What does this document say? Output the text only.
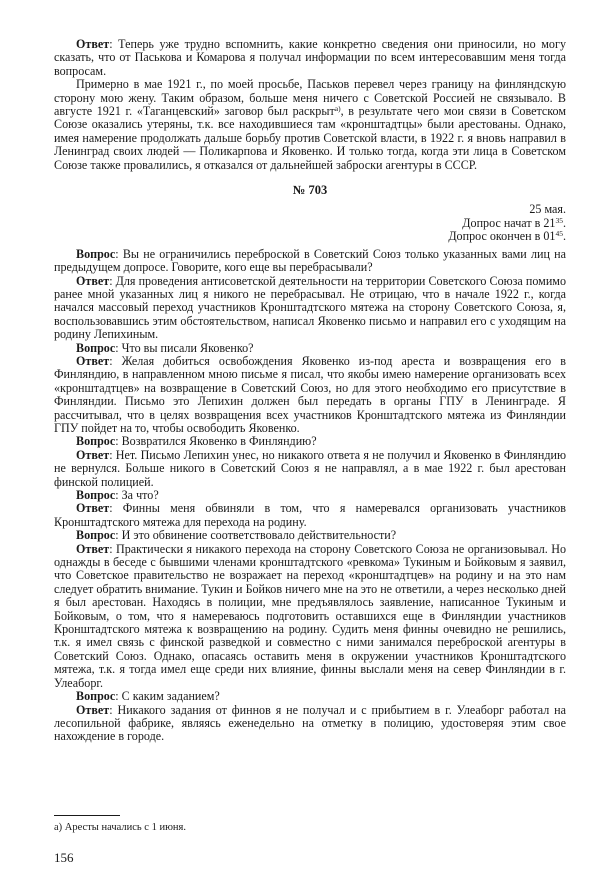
Ответ: Теперь уже трудно вспомнить, какие конкретно сведения они приносили, но могу сказать, что от Паськова и Комарова я получал информации по всем интересовавшим меня тогда вопросам.

Примерно в мае 1921 г., по моей просьбе, Паськов перевел через границу на финляндскую сторону мою жену. Таким образом, больше меня ничего с Советской Россией не связывало. В августе 1921 г. «Таганцевский» заговор был раскрыт$^{a)}$, в результате чего мои связи в Советском Союзе оказались утеряны, т.к. все находившиеся там «кронштадтцы» были арестованы. Однако, имея намерение продолжать дальше борьбу против Советской власти, в 1922 г. я вновь направил в Ленинград своих людей — Поликарпова и Яковенко. И только тогда, когда эти лица в Советском Союзе также провалились, я отказался от дальнейшей заброски агентуры в СССР.

№ 703

25 мая.

Допрос начат в $21^{35}$.

Допрос окончен в $01^{45}$.

Вопрос: Вы не ограничились переброской в Советский Союз только указанных вами лиц на предыдущем допросе. Говорите, кого еще вы перебрасывали?

Ответ: Для проведения антисоветской деятельности на территории Советского Союза помимо ранее мной указанных лиц я никого не перебрасывал. Не отрицаю, что в начале 1922 г., когда начался массовый переход участников Кронштадтского мятежа на сторону Советского Союза, я, воспользовавшись этим обстоятельством, написал Яковенко письмо и направил его с уходящим на родину Лепихиным.

Вопрос: Что вы писали Яковенко?

Ответ: Желая добиться освобождения Яковенко из-под ареста и возвращения его в Финляндию, в направленном мною письме я писал, что якобы имею намерение организовать всех «кронштадтцев» на возвращение в Советский Союз, но для этого необходимо его присутствие в Финляндии. Письмо это Лепихин должен был передать в органы ГПУ в Ленинграде. Я рассчитывал, что в целях возвращения всех участников Кронштадтского мятежа из Финляндии ГПУ пойдет на то, чтобы освободить Яковенко.

Вопрос: Возвратился Яковенко в Финляндию?

Ответ: Нет. Письмо Лепихин унес, но никакого ответа я не получил и Яковенко в Финляндию не вернулся. Больше никого в Советский Союз я не направлял, а в мае 1922 г. был арестован финской полицией.

Вопрос: За что?

Ответ: Финны меня обвиняли в том, что я намеревался организовать участников Кронштадтского мятежа для перехода на родину.

Вопрос: И это обвинение соответствовало действительности?

Ответ: Практически я никакого перехода на сторону Советского Союза не организовывал. Но однажды в беседе с бывшими членами кронштадтского «ревкома» Тукиным и Бойковым я заявил, что Советское правительство не возражает на переход «кронштадтцев» на родину и на это нам следует обратить внимание. Тукин и Бойков ничего мне на это не ответили, а через несколько дней я был арестован. Находясь в полиции, мне предъявлялось заявление, написанное Тукиным и Бойковым, о том, что я намереваюсь подготовить оставшихся еще в Финляндии участников Кронштадтского мятежа к возвращению на родину. Судить меня финны очевидно не решились, т.к. я имел связь с финской разведкой и совместно с ними занимался переброской агентуры в Советский Союз. Однако, опасаясь оставить меня в окружении участников Кронштадтского мятежа, т.к. я тогда имел еще среди них влияние, финны выслали меня на север Финляндии в г. Улеаборг.

Вопрос: С каким заданием?

Ответ: Никакого задания от финнов я не получал и с прибытием в г. Улеаборг работал на лесопильной фабрике, являясь еженедельно на отметку в полицию, удостоверяя этим свое нахождение в городе.

а) Аресты начались с 1 июня.
156
